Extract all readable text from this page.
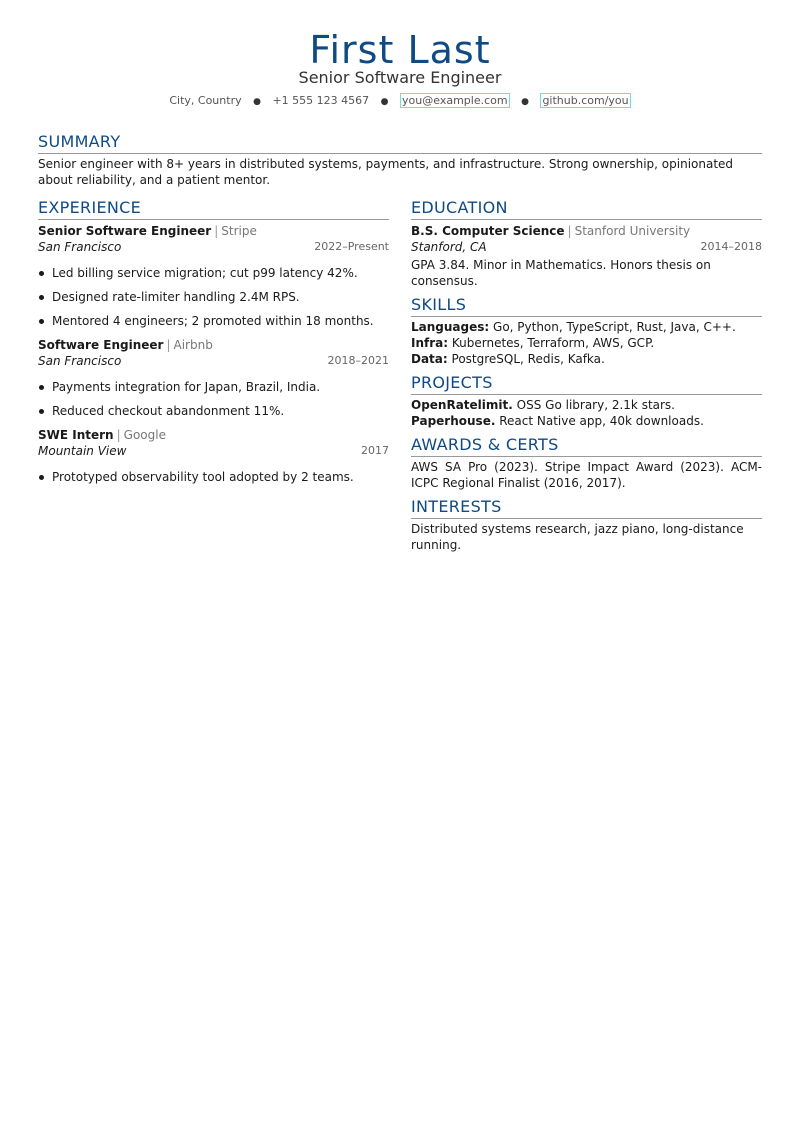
First Last
Senior Software Engineer
City, Country ● +1 555 123 4567 ● you@example.com ● github.com/you
SUMMARY
Senior engineer with 8+ years in distributed systems, payments, and infrastructure. Strong ownership, opinionated about reliability, and a patient mentor.
EXPERIENCE
Senior Software Engineer | Stripe
San Francisco	2022–Present
Led billing service migration; cut p99 latency 42%.
Designed rate-limiter handling 2.4M RPS.
Mentored 4 engineers; 2 promoted within 18 months.
Software Engineer | Airbnb
San Francisco	2018–2021
Payments integration for Japan, Brazil, India.
Reduced checkout abandonment 11%.
SWE Intern | Google
Mountain View	2017
Prototyped observability tool adopted by 2 teams.
EDUCATION
B.S. Computer Science | Stanford University
Stanford, CA	2014–2018
GPA 3.84. Minor in Mathematics. Honors thesis on consensus.
SKILLS
Languages: Go, Python, TypeScript, Rust, Java, C++.
Infra: Kubernetes, Terraform, AWS, GCP.
Data: PostgreSQL, Redis, Kafka.
PROJECTS
OpenRatelimit. OSS Go library, 2.1k stars.
Paperhouse. React Native app, 40k downloads.
AWARDS & CERTS
AWS SA Pro (2023). Stripe Impact Award (2023). ACM-ICPC Regional Finalist (2016, 2017).
INTERESTS
Distributed systems research, jazz piano, long-distance running.
